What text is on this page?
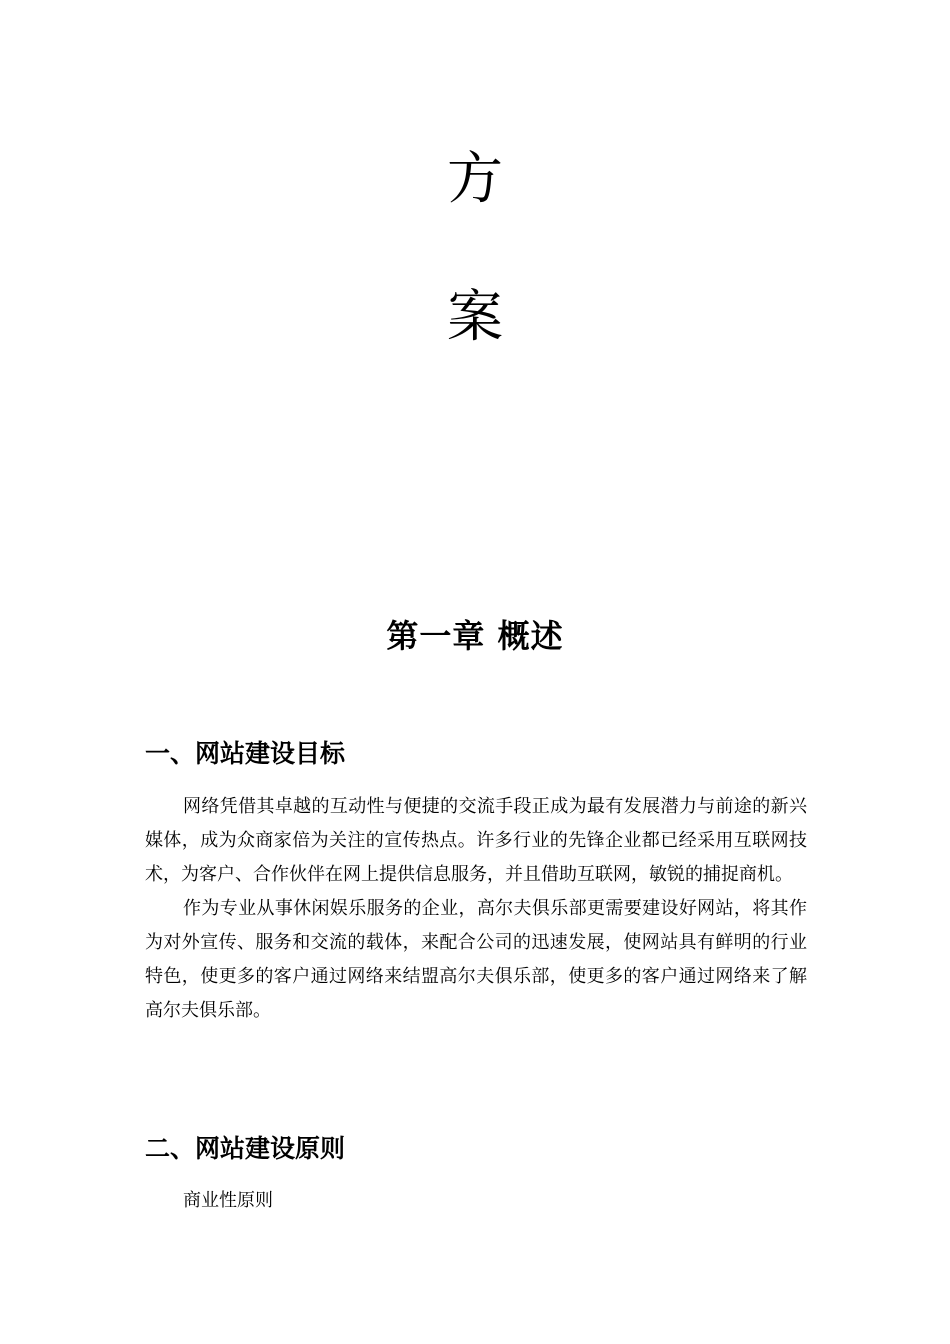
方
案
第一章 概述
一、网站建设目标

网络凭借其卓越的互动性与便捷的交流手段正成为最有发展潜力与前途的新兴媒体，成为众商家倍为关注的宣传热点。许多行业的先锋企业都已经采用互联网技术，为客户、合作伙伴在网上提供信息服务，并且借助互联网，敏锐的捕捉商机。

作为专业从事休闲娱乐服务的企业，高尔夫俱乐部更需要建设好网站，将其作为对外宣传、服务和交流的载体，来配合公司的迅速发展，使网站具有鲜明的行业特色，使更多的客户通过网络来结盟高尔夫俱乐部，使更多的客户通过网络来了解高尔夫俱乐部。

二、网站建设原则

商业性原则
